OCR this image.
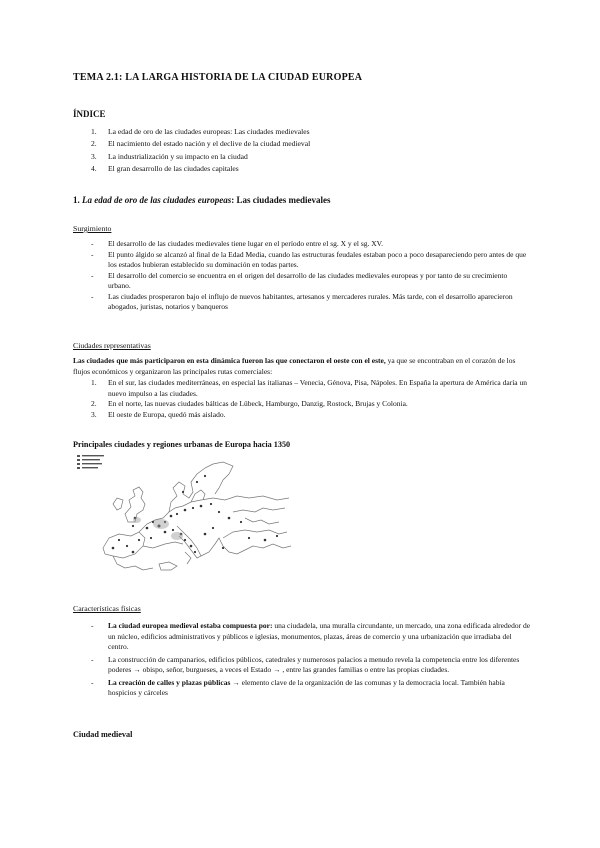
TEMA 2.1: LA LARGA HISTORIA DE LA CIUDAD EUROPEA
ÍNDICE
1. La edad de oro de las ciudades europeas: Las ciudades medievales
2. El nacimiento del estado nación y el declive de la ciudad medieval
3. La industrialización y su impacto en la ciudad
4. El gran desarrollo de las ciudades capitales
1. La edad de oro de las ciudades europeas: Las ciudades medievales
Surgimiento
- El desarrollo de las ciudades medievales tiene lugar en el período entre el sg. X y el sg. XV.
- El punto álgido se alcanzó al final de la Edad Media, cuando las estructuras feudales estaban poco a poco desapareciendo pero antes de que los estados hubieran establecido su dominación en todas partes.
- El desarrollo del comercio se encuentra en el origen del desarrollo de las ciudades medievales europeas y por tanto de su crecimiento urbano.
- Las ciudades prosperaron bajo el influjo de nuevos habitantes, artesanos y mercaderes rurales. Más tarde, con el desarrollo aparecieron abogados, juristas, notarios y banqueros
Ciudades representativas
Las ciudades que más participaron en esta dinámica fueron las que conectaron el oeste con el este, ya que se encontraban en el corazón de los flujos económicos y organizaron las principales rutas comerciales:
1. En el sur, las ciudades mediterráneas, en especial las italianas – Venecia, Génova, Pisa, Nápoles. En España la apertura de América daría un nuevo impulso a las ciudades.
2. En el norte, las nuevas ciudades bálticas de Lübeck, Hamburgo, Danzig, Rostock, Brujas y Colonia.
3. El oeste de Europa, quedó más aislado.
Principales ciudades y regiones urbanas de Europa hacia 1350
Características físicas
- La ciudad europea medieval estaba compuesta por: una ciudadela, una muralla circundante, un mercado, una zona edificada alrededor de un núcleo, edificios administrativos y públicos e iglesias, monumentos, plazas, áreas de comercio y una urbanización que irradiaba del centro.
- La construcción de campanarios, edificios públicos, catedrales y numerosos palacios a menudo revela la competencia entre los diferentes poderes → obispo, señor, burgueses, a veces el Estado → , entre las grandes familias o entre las propias ciudades.
- La creación de calles y plazas públicas → elemento clave de la organización de las comunas y la democracia local. También había hospicios y cárceles
Ciudad medieval
